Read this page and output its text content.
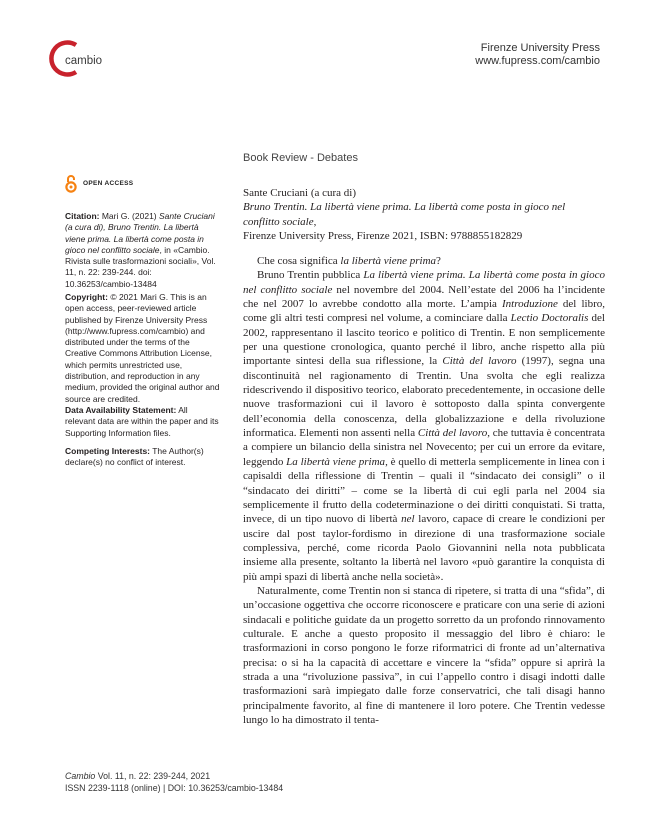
cambio
Firenze University Press
www.fupress.com/cambio
Book Review - Debates
OPEN ACCESS
Citation: Mari G. (2021) Sante Cruciani (a cura di), Bruno Trentin. La libertà viene prima. La libertà come posta in gioco nel conflitto sociale, in «Cambio. Rivista sulle trasformazioni sociali», Vol. 11, n. 22: 239-244. doi: 10.36253/cambio-13484
Copyright: © 2021 Mari G. This is an open access, peer-reviewed article published by Firenze University Press (http://www.fupress.com/cambio) and distributed under the terms of the Creative Commons Attribution License, which permits unrestricted use, distribution, and reproduction in any medium, provided the original author and source are credited.
Data Availability Statement: All relevant data are within the paper and its Supporting Information files.
Competing Interests: The Author(s) declare(s) no conflict of interest.
Sante Cruciani (a cura di)
Bruno Trentin. La libertà viene prima. La libertà come posta in gioco nel conflitto sociale,
Firenze University Press, Firenze 2021, ISBN: 9788855182829

Che cosa significa la libertà viene prima?

Bruno Trentin pubblica La libertà viene prima. La libertà come posta in gioco nel conflitto sociale nel novembre del 2004. Nell’estate del 2006 ha l’incidente che nel 2007 lo avrebbe condotto alla morte. L’ampia Introduzione del libro, come gli altri testi compresi nel volume, a cominciare dalla Lectio Doctoralis del 2002, rappresentano il lascito teorico e politico di Trentin. E non semplicemente per una questione cronologica, quanto perché il libro, anche rispetto alla più importante sintesi della sua riflessione, la Città del lavoro (1997), segna una discontinuità nel ragionamento di Trentin. Una svolta che egli realizza ridescrivendo il dispositivo teorico, elaborato precedentemente, in occasione delle nuove trasformazioni cui il lavoro è sottoposto dalla spinta convergente dell’economia della conoscenza, della globalizzazione e della rivoluzione informatica. Elementi non assenti nella Città del lavoro, che tuttavia è concentrata a compiere un bilancio della sinistra nel Novecento; per cui un errore da evitare, leggendo La libertà viene prima, è quello di metterla semplicemente in linea con i capisaldi della riflessione di Trentin – quali il “sindacato dei consigli” o il “sindacato dei diritti” – come se la libertà di cui egli parla nel 2004 sia semplicemente il frutto della codeterminazione o dei diritti conquistati. Si tratta, invece, di un tipo nuovo di libertà nel lavoro, capace di creare le condizioni per uscire dal post taylor-fordismo in direzione di una trasformazione sociale complessiva, perché, come ricorda Paolo Giovannini nella nota pubblicata insieme alla presente, soltanto la libertà nel lavoro «può garantire la conquista di più ampi spazi di libertà anche nella società».

Naturalmente, come Trentin non si stanca di ripetere, si tratta di una “sfida”, di un’occasione oggettiva che occorre riconoscere e praticare con una serie di azioni sindacali e politiche guidate da un progetto sorretto da un profondo rinnovamento culturale. E anche a questo proposito il messaggio del libro è chiaro: le trasformazioni in corso pongono le forze riformatrici di fronte ad un’alternativa precisa: o si ha la capacità di accettare e vincere la “sfida” oppure si aprirà la strada a una “rivoluzione passiva”, in cui l’appello contro i disagi indotti dalle trasformazioni sarà impiegato dalle forze conservatrici, che tali disagi hanno principalmente favorito, al fine di mantenere il loro potere. Che Trentin vedesse lungo lo ha dimostrato il tenta-

Cambio Vol. 11, n. 22: 239-244, 2021
ISSN 2239-1118 (online) | DOI: 10.36253/cambio-13484
